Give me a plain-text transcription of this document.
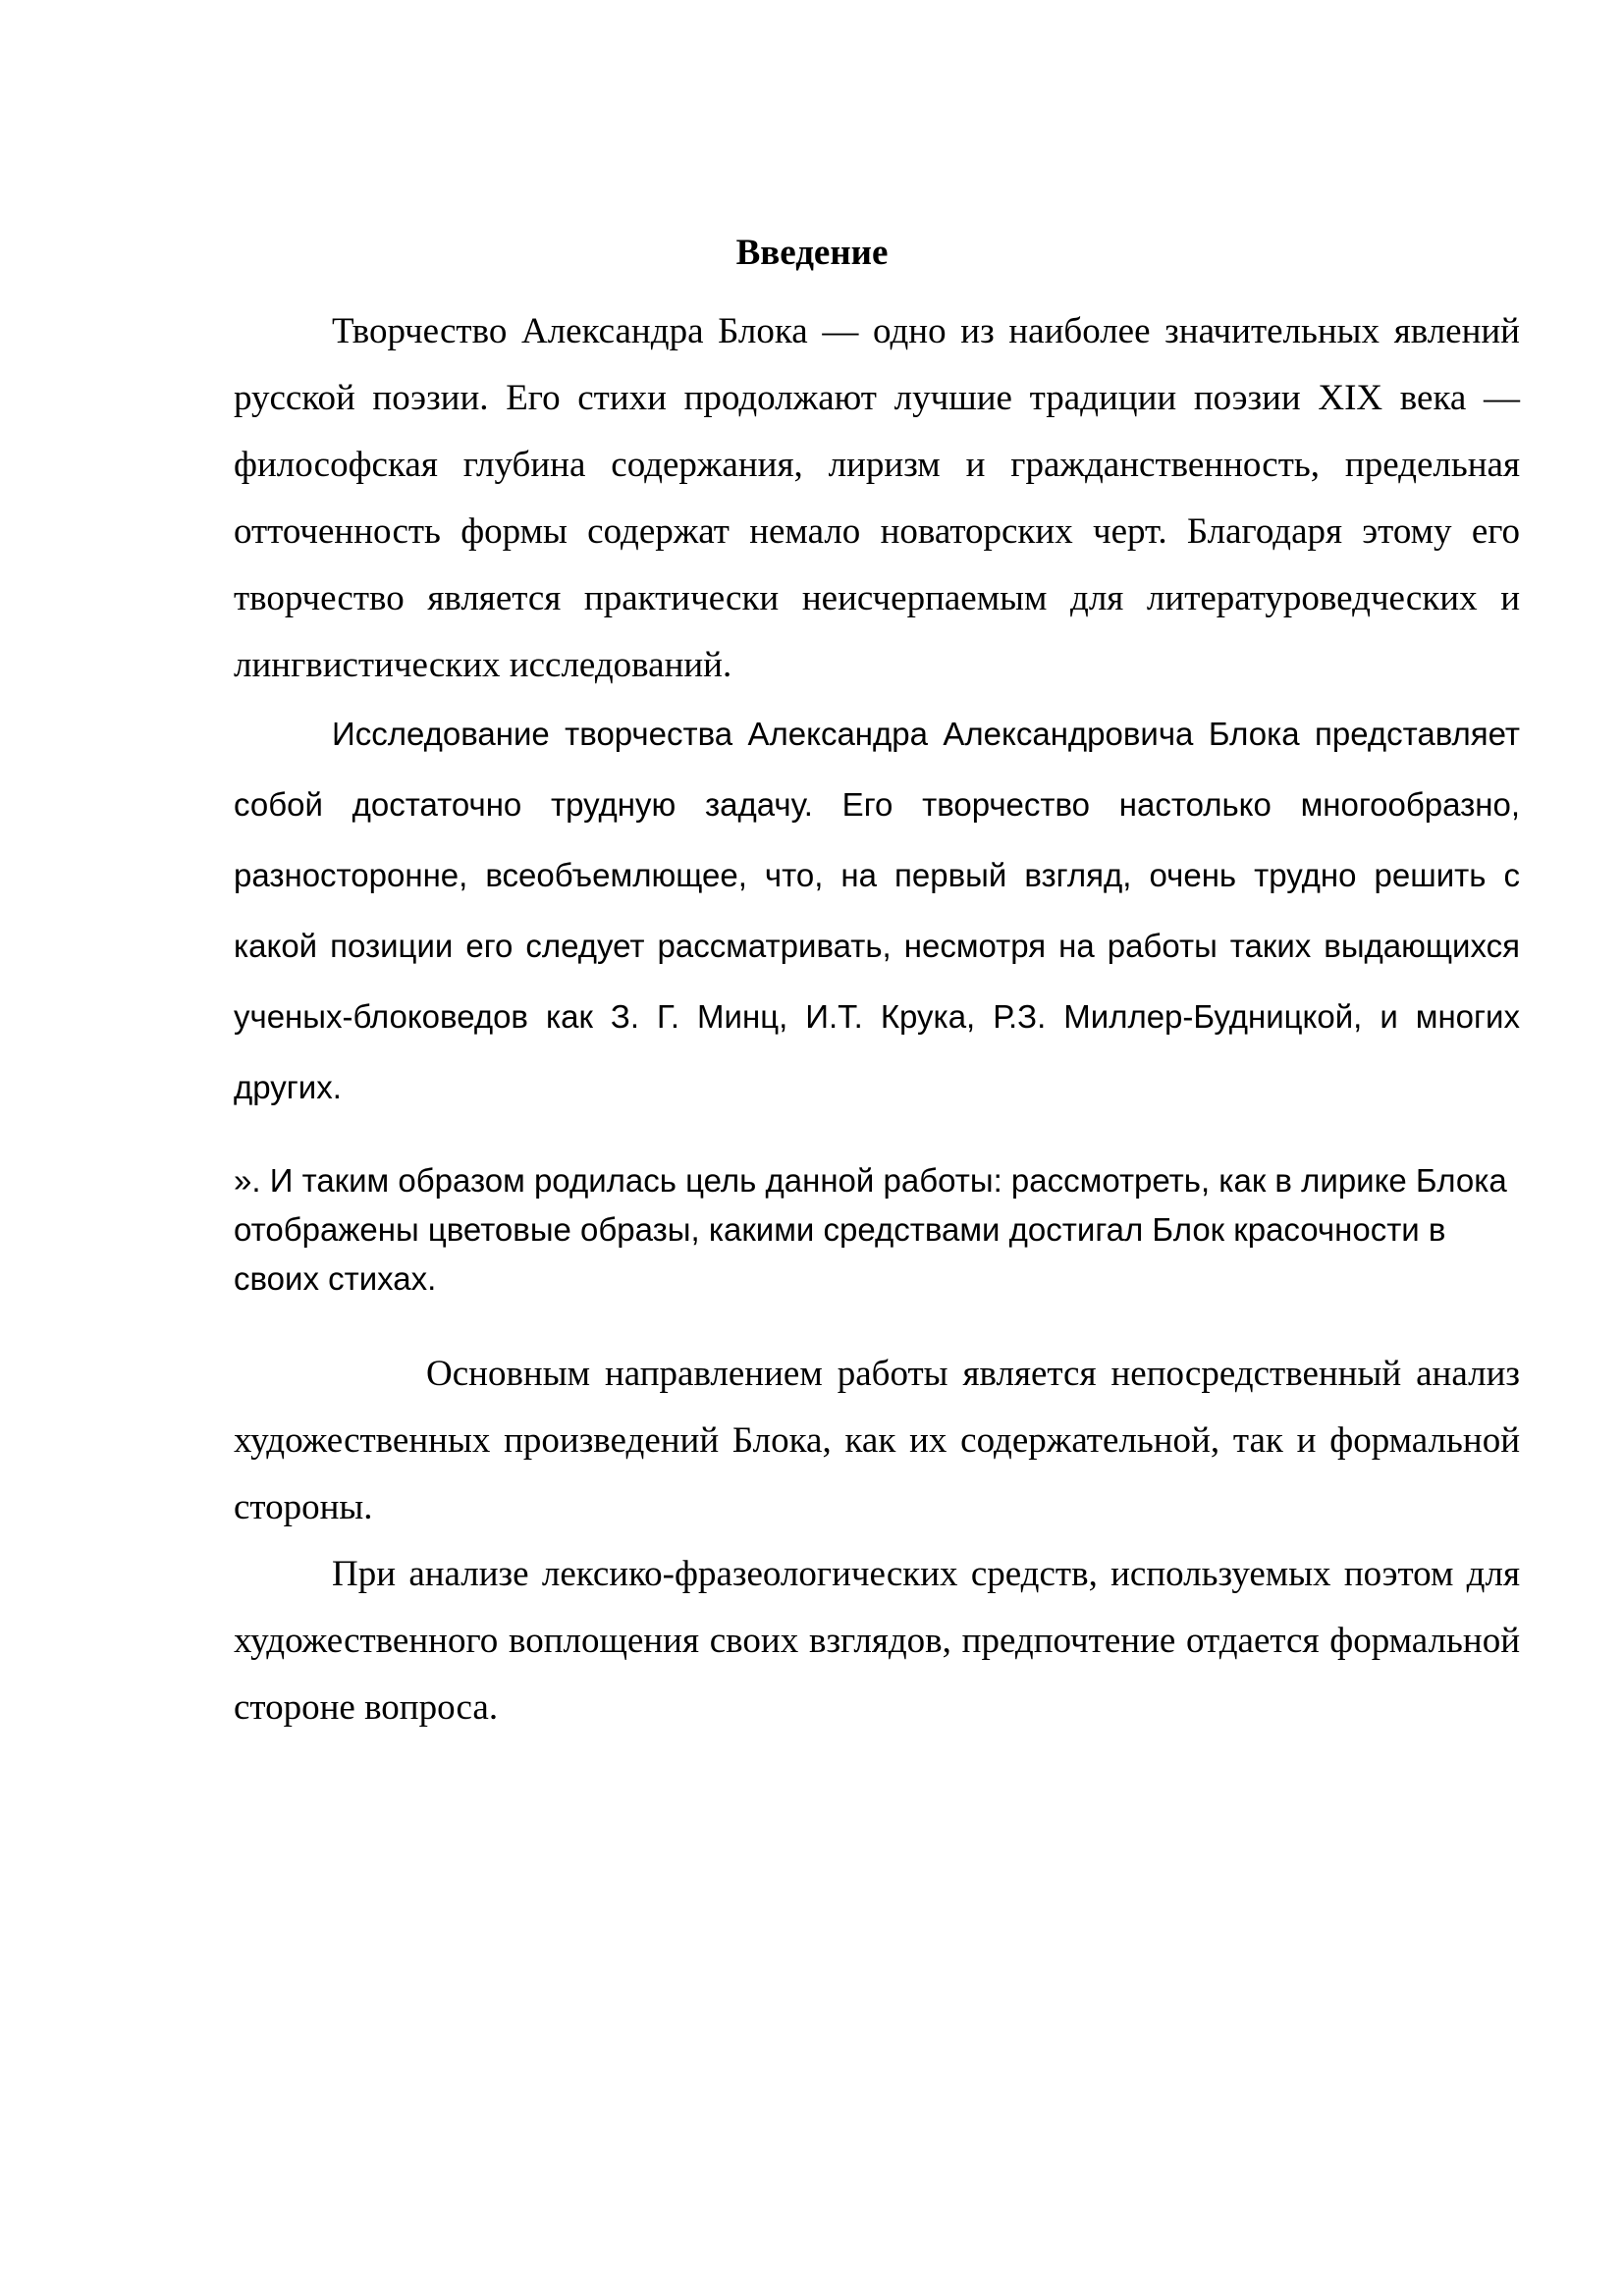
Введение

Творчество Александра Блока — одно из наиболее значительных явлений русской поэзии. Его стихи продолжают лучшие традиции поэзии XIX века — философская глубина содержания, лиризм и гражданственность, предельная отточенность формы содержат немало новаторских черт. Благодаря этому его творчество является практически неисчерпаемым для литературоведческих и лингвистических исследований.

Исследование творчества Александра Александровича Блока представляет собой достаточно трудную задачу. Его творчество настолько многообразно, разносторонне, всеобъемлющее, что, на первый взгляд, очень трудно решить с какой позиции его следует рассматривать, несмотря на работы таких выдающихся ученых-блоковедов как З. Г. Минц, И.Т. Крука, Р.З. Миллер-Будницкой, и многих других.

». И таким образом родилась цель данной работы: рассмотреть, как в лирике Блока отображены цветовые образы, какими средствами достигал Блок красочности в своих стихах.

Основным направлением работы является непосредственный анализ художественных произведений Блока, как их содержательной, так и формальной стороны.

При анализе лексико-фразеологических средств, используемых поэтом для художественного воплощения своих взглядов, предпочтение отдается формальной стороне вопроса.
